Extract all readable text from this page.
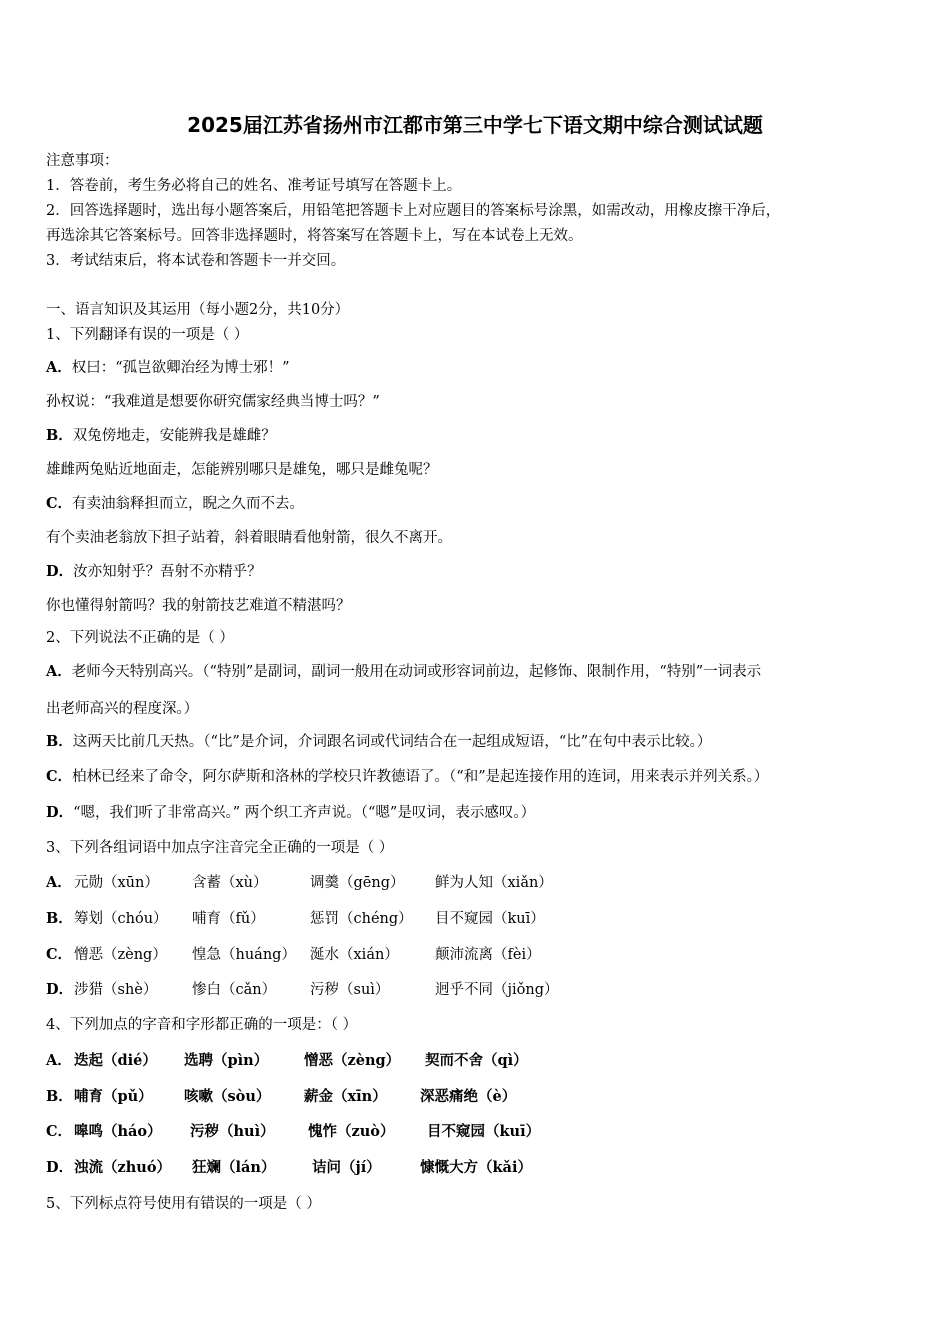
2025届江苏省扬州市江都市第三中学七下语文期中综合测试试题
注意事项：
1．答卷前，考生务必将自己的姓名、准考证号填写在答题卡上。
2．回答选择题时，选出每小题答案后，用铅笔把答题卡上对应题目的答案标号涂黑，如需改动，用橡皮擦干净后，
再选涂其它答案标号。回答非选择题时，将答案写在答题卡上，写在本试卷上无效。
3．考试结束后，将本试卷和答题卡一并交回。
一、语言知识及其运用（每小题2分，共10分）
1、下列翻译有误的一项是（ ）
A．权曰：“孤岂欲卿治经为博士邪！”
孙权说：“我难道是想要你研究儒家经典当博士吗？”
B．双兔傍地走，安能辨我是雄雌？
雄雌两兔贴近地面走，怎能辨别哪只是雄兔，哪只是雌兔呢？
C．有卖油翁释担而立，睨之久而不去。
有个卖油老翁放下担子站着，斜着眼睛看他射箭，很久不离开。
D．汝亦知射乎？吾射不亦精乎？
你也懂得射箭吗？我的射箭技艺难道不精湛吗？
2、下列说法不正确的是（ ）
A．老师今天特别高兴。（“特别”是副词，副词一般用在动词或形容词前边，起修饰、限制作用，“特别”一词表示
出老师高兴的程度深。）
B．这两天比前几天热。（“比”是介词，介词跟名词或代词结合在一起组成短语，“比”在句中表示比较。）
C．柏林已经来了命令，阿尔萨斯和洛林的学校只许教德语了。（“和”是起连接作用的连词，用来表示并列关系。）
D．“嗯，我们听了非常高兴。” 两个织工齐声说。（“嗯”是叹词，表示感叹。）
3、下列各组词语中加点字注音完全正确的一项是（ ）
A． 元勋（xūn） 含蓄（xù）	调羹（gēng） 鲜为人知（xiǎn）
B． 筹划（chóu） 哺育（fǔ）	惩罚（chéng） 目不窥园（kuī）
C． 憎恶（zèng） 惶急（huáng） 涎水（xián） 颠沛流离（fèi）
D． 涉猎（shè） 惨白（cǎn） 污秽（suì）	迥乎不同（jiǒng）
4、下列加点的字音和字形都正确的一项是：（ ）
A． 迭起（dié） 选聘（pìn） 憎恶（zèng） 契而不舍（qì）
B． 哺育（pǔ） 咳嗽（sòu） 薪金（xīn） 深恶痛绝（è）
C． 嗥鸣（háo） 污秽（huì） 愧怍（zuò） 目不窥园（kuī）
D． 浊流（zhuó） 狂斓（lán）	诘问（jí）	慷慨大方（kǎi）
5、下列标点符号使用有错误的一项是（ ）
